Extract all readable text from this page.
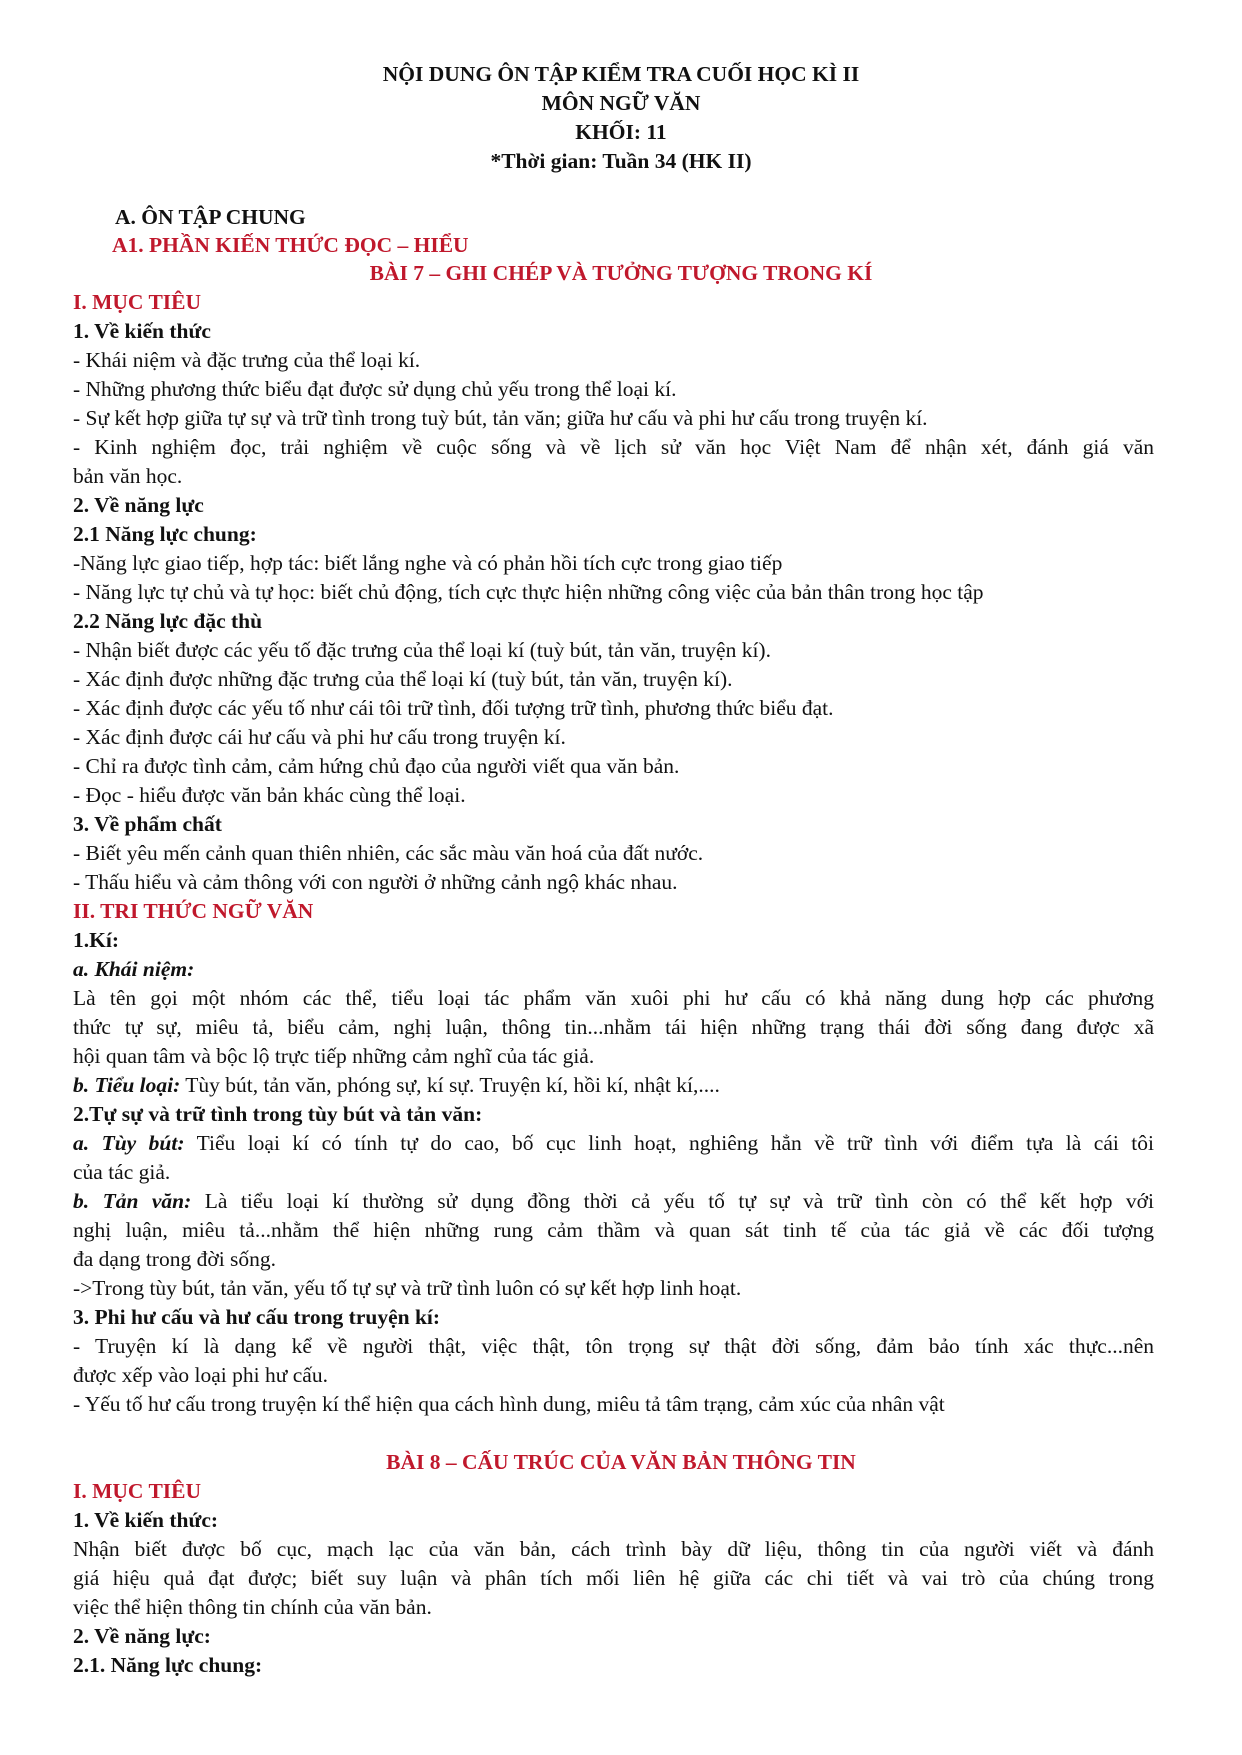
NỘI DUNG ÔN TẬP KIỂM TRA CUỐI HỌC KÌ II
MÔN NGỮ VĂN
KHỐI: 11
*Thời gian: Tuần 34 (HK II)
A. ÔN TẬP CHUNG
A1. PHẦN KIẾN THỨC ĐỌC – HIỂU
BÀI 7 – GHI CHÉP VÀ TƯỞNG TƯỢNG TRONG KÍ
I. MỤC TIÊU
1. Về kiến thức
- Khái niệm và đặc trưng của thể loại kí.
- Những phương thức biểu đạt được sử dụng chủ yếu trong thể loại kí.
- Sự kết hợp giữa tự sự và trữ tình trong tuỳ bút, tản văn; giữa hư cấu và phi hư cấu trong truyện kí.
- Kinh nghiệm đọc, trải nghiệm về cuộc sống và về lịch sử văn học Việt Nam để nhận xét, đánh giá văn
bản văn học.
2. Về năng lực
2.1 Năng lực chung:
-Năng lực giao tiếp, hợp tác: biết lắng nghe và có phản hồi tích cực trong giao tiếp
- Năng lực tự chủ và tự học: biết chủ động, tích cực thực hiện những công việc của bản thân trong học tập
2.2 Năng lực đặc thù
- Nhận biết được các yếu tố đặc trưng của thể loại kí (tuỳ bút, tản văn, truyện kí).
- Xác định được những đặc trưng của thể loại kí (tuỳ bút, tản văn, truyện kí).
- Xác định được các yếu tố như cái tôi trữ tình, đối tượng trữ tình, phương thức biểu đạt.
- Xác định được cái hư cấu và phi hư cấu trong truyện kí.
- Chỉ ra được tình cảm, cảm hứng chủ đạo của người viết qua văn bản.
- Đọc - hiểu được văn bản khác cùng thể loại.
3. Về phẩm chất
- Biết yêu mến cảnh quan thiên nhiên, các sắc màu văn hoá của đất nước.
- Thấu hiểu và cảm thông với con người ở những cảnh ngộ khác nhau.
II. TRI THỨC NGỮ VĂN
1.Kí:
a. Khái niệm:
Là tên gọi một nhóm các thể, tiểu loại tác phẩm văn xuôi phi hư cấu có khả năng dung hợp các phương
thức tự sự, miêu tả, biểu cảm, nghị luận, thông tin...nhằm tái hiện những trạng thái đời sống đang được xã
hội quan tâm và bộc lộ trực tiếp những cảm nghĩ của tác giả.
b. Tiểu loại: Tùy bút, tản văn, phóng sự, kí sự. Truyện kí, hồi kí, nhật kí,....
2.Tự sự và trữ tình trong tùy bút và tản văn:
a. Tùy bút: Tiểu loại kí có tính tự do cao, bố cục linh hoạt, nghiêng hẳn về trữ tình với điểm tựa là cái tôi
của tác giả.
b. Tản văn: Là tiểu loại kí thường sử dụng đồng thời cả yếu tố tự sự và trữ tình còn có thể kết hợp với
nghị luận, miêu tả...nhằm thể hiện những rung cảm thầm và quan sát tinh tế của tác giả về các đối tượng
đa dạng trong đời sống.
->Trong tùy bút, tản văn, yếu tố tự sự và trữ tình luôn có sự kết hợp linh hoạt.
3. Phi hư cấu và hư cấu trong truyện kí:
- Truyện kí là dạng kể về người thật, việc thật, tôn trọng sự thật đời sống, đảm bảo tính xác thực...nên
được xếp vào loại phi hư cấu.
- Yếu tố hư cấu trong truyện kí thể hiện qua cách hình dung, miêu tả tâm trạng, cảm xúc của nhân vật
BÀI 8 – CẤU TRÚC CỦA VĂN BẢN THÔNG TIN
I. MỤC TIÊU
1. Về kiến thức:
Nhận biết được bố cục, mạch lạc của văn bản, cách trình bày dữ liệu, thông tin của người viết và đánh
giá hiệu quả đạt được; biết suy luận và phân tích mối liên hệ giữa các chi tiết và vai trò của chúng trong
việc thể hiện thông tin chính của văn bản.
2. Về năng lực:
2.1. Năng lực chung:
